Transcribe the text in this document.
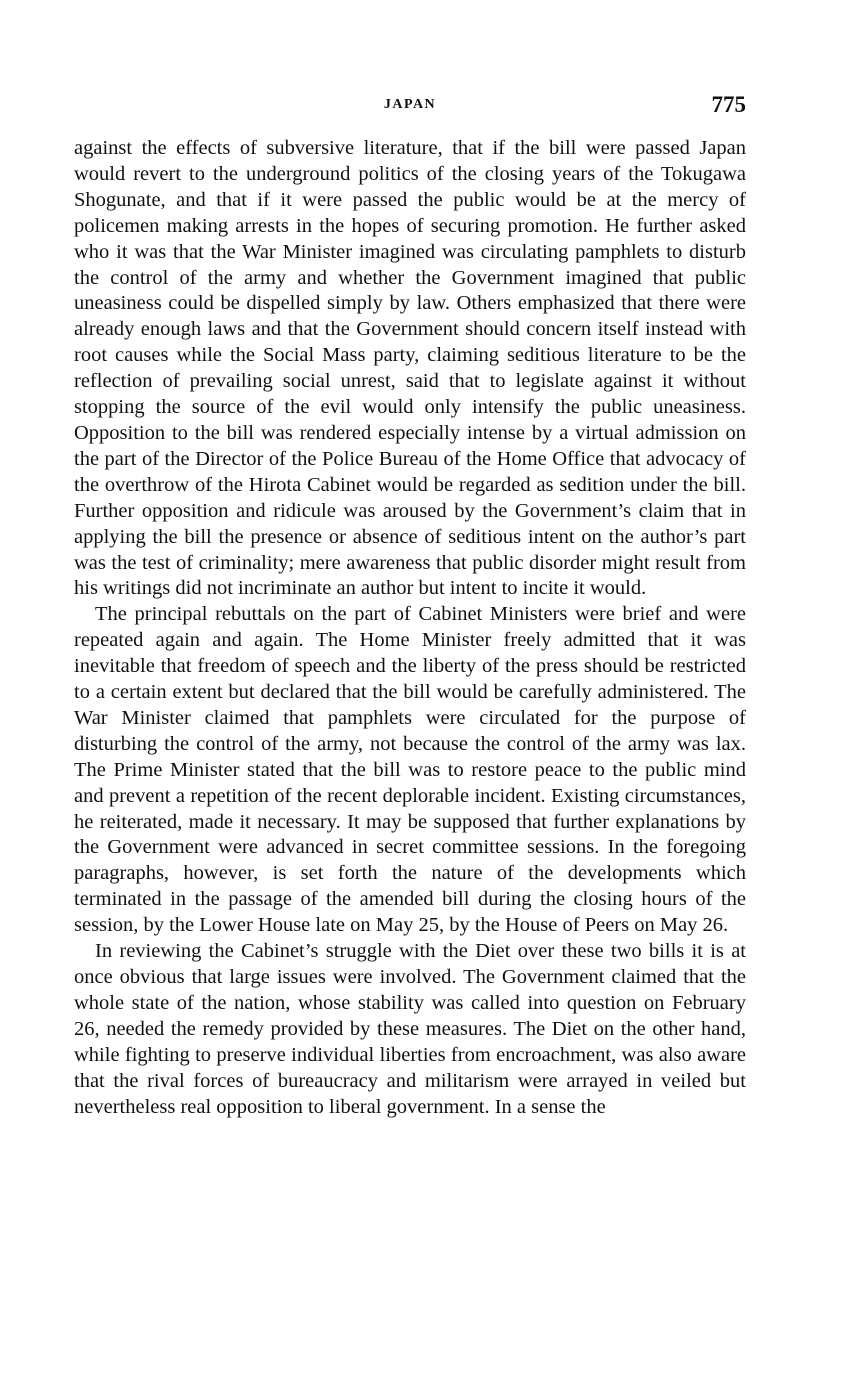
JAPAN	775

against the effects of subversive literature, that if the bill were passed Japan would revert to the underground politics of the closing years of the Tokugawa Shogunate, and that if it were passed the public would be at the mercy of policemen making arrests in the hopes of securing promotion. He further asked who it was that the War Minister imagined was circulating pamphlets to disturb the control of the army and whether the Government imagined that public uneasiness could be dispelled simply by law. Others emphasized that there were already enough laws and that the Government should concern itself instead with root causes while the Social Mass party, claiming seditious literature to be the reflection of prevailing social unrest, said that to legislate against it without stopping the source of the evil would only intensify the public uneasiness. Opposition to the bill was rendered especially intense by a virtual admission on the part of the Director of the Police Bureau of the Home Office that advocacy of the overthrow of the Hirota Cabinet would be regarded as sedition under the bill. Further opposition and ridicule was aroused by the Government’s claim that in applying the bill the presence or absence of seditious intent on the author’s part was the test of criminality; mere awareness that public disorder might result from his writings did not incriminate an author but intent to incite it would.

The principal rebuttals on the part of Cabinet Ministers were brief and were repeated again and again. The Home Minister freely admitted that it was inevitable that freedom of speech and the liberty of the press should be restricted to a certain extent but declared that the bill would be carefully administered. The War Minister claimed that pamphlets were circulated for the purpose of disturbing the control of the army, not because the control of the army was lax. The Prime Minister stated that the bill was to restore peace to the public mind and prevent a repetition of the recent deplorable incident. Existing circumstances, he reiterated, made it necessary. It may be supposed that further explanations by the Government were advanced in secret committee sessions. In the foregoing paragraphs, however, is set forth the nature of the developments which terminated in the passage of the amended bill during the closing hours of the session, by the Lower House late on May 25, by the House of Peers on May 26.

In reviewing the Cabinet’s struggle with the Diet over these two bills it is at once obvious that large issues were involved. The Government claimed that the whole state of the nation, whose stability was called into question on February 26, needed the remedy provided by these measures. The Diet on the other hand, while fighting to preserve individual liberties from encroachment, was also aware that the rival forces of bureaucracy and militarism were arrayed in veiled but nevertheless real opposition to liberal government. In a sense the
